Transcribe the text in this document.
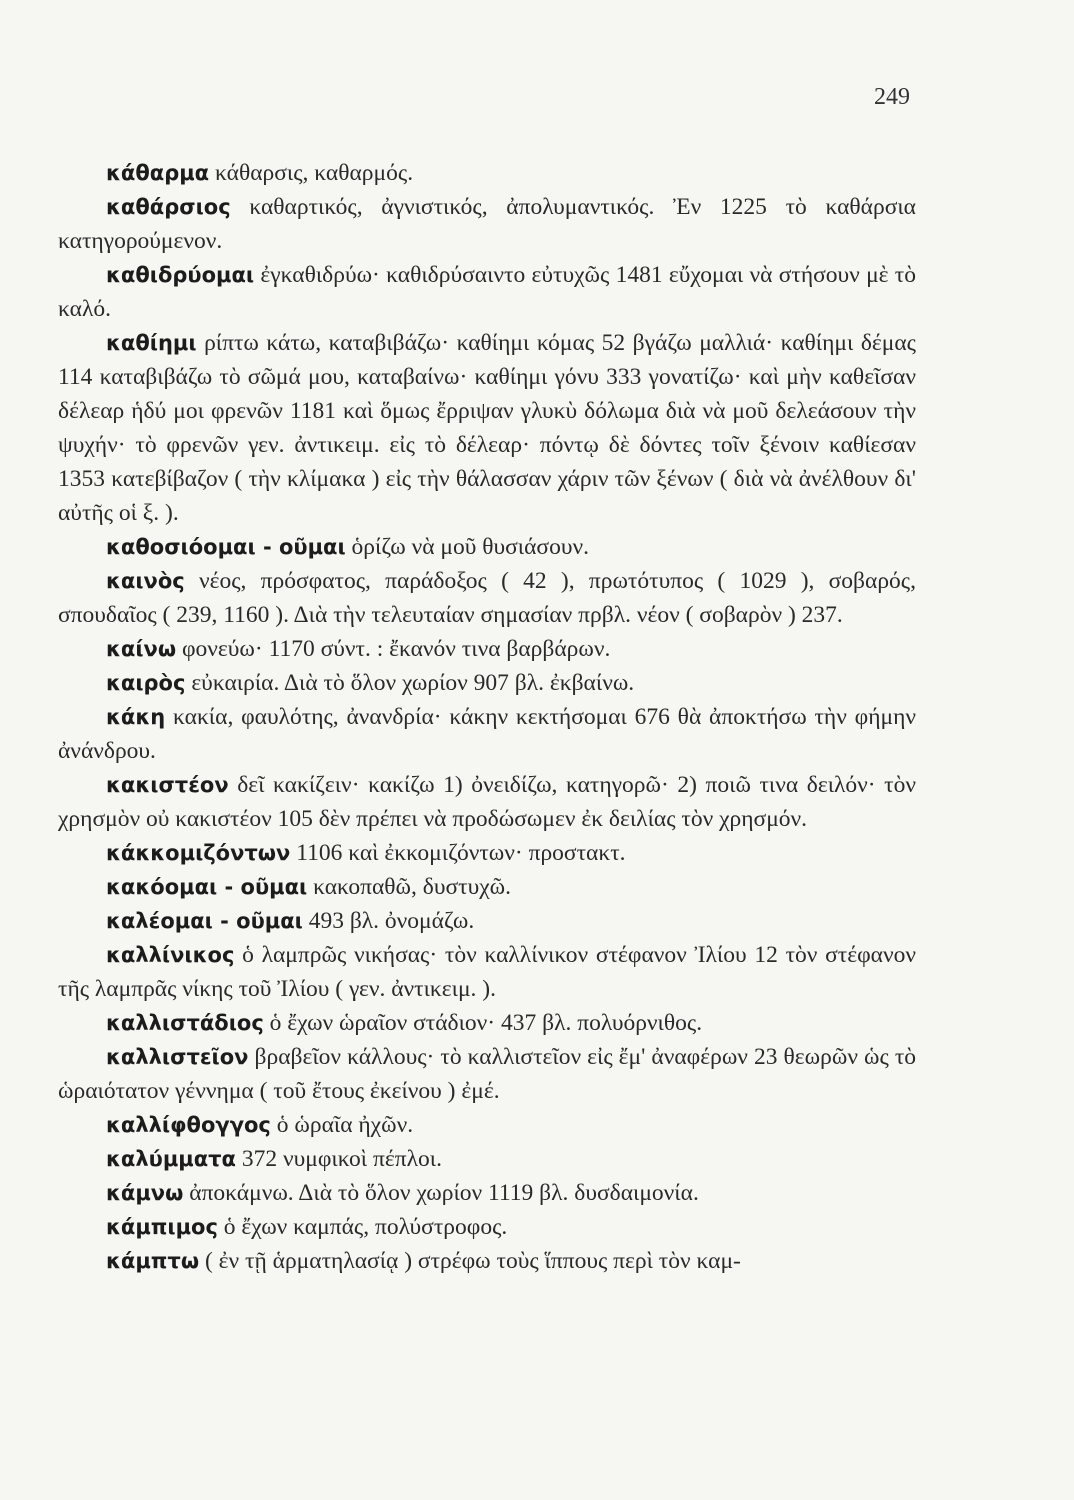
249

κάθαρμα κάθαρσις, καθαρμός.

καθάρσιος καθαρτικός, ἀγνιστικός, ἀπολυμαντικός. Ἐν 1225 τὸ καθάρσια κατηγορούμενον.

καθιδρύομαι ἐγκαθιδρύω· καθιδρύσαιντο εὐτυχῶς 1481 εὔχομαι νὰ στήσουν μὲ τὸ καλό.

καθίημι ρίπτω κάτω, καταβιβάζω· καθίημι κόμας 52 βγάζω μαλλιά· καθίημι δέμας 114 καταβιβάζω τὸ σῶμά μου, καταβαίνω· καθίημι γόνυ 333 γονατίζω· καὶ μὴν καθεῖσαν δέλεαρ ἡδύ μοι φρενῶν 1181 καὶ ὅμως ἔρριψαν γλυκὺ δόλωμα διὰ νὰ μοῦ δελεάσουν τὴν ψυχήν· τὸ φρενῶν γεν. ἀντικειμ. εἰς τὸ δέλεαρ· πόντῳ δὲ δόντες τοῖν ξένοιν καθίεσαν 1353 κατεβίβαζον ( τὴν κλίμακα ) εἰς τὴν θάλασσαν χάριν τῶν ξένων ( διὰ νὰ ἀνέλθουν δι' αὐτῆς οἱ ξ. ).

καθοσιόομαι - οῦμαι ὁρίζω νὰ μοῦ θυσιάσουν.

καινὸς νέος, πρόσφατος, παράδοξος ( 42 ), πρωτότυπος ( 1029 ), σοβαρός, σπουδαῖος ( 239, 1160 ). Διὰ τὴν τελευταίαν σημασίαν πρβλ. νέον ( σοβαρὸν ) 237.

καίνω φονεύω· 1170 σύντ. : ἔκανόν τινα βαρβάρων.

καιρὸς εὐκαιρία. Διὰ τὸ ὅλον χωρίον 907 βλ. ἐκβαίνω.

κάκη κακία, φαυλότης, ἀνανδρία· κάκην κεκτήσομαι 676 θὰ ἀποκτήσω τὴν φήμην ἀνάνδρου.

κακιστέον δεῖ κακίζειν· κακίζω 1) ὀνειδίζω, κατηγορῶ· 2) ποιῶ τινα δειλόν· τὸν χρησμὸν οὐ κακιστέον 105 δὲν πρέπει νὰ προδώσωμεν ἐκ δειλίας τὸν χρησμόν.

κάκκομιζόντων 1106 καὶ ἐκκομιζόντων· προστακτ.

κακόομαι - οῦμαι κακοπαθῶ, δυστυχῶ.

καλέομαι - οῦμαι 493 βλ. ὀνομάζω.

καλλίνικος ὁ λαμπρῶς νικήσας· τὸν καλλίνικον στέφανον Ἰλίου 12 τὸν στέφανον τῆς λαμπρᾶς νίκης τοῦ Ἰλίου ( γεν. ἀντικειμ. ).

καλλιστάδιος ὁ ἔχων ὡραῖον στάδιον· 437 βλ. πολυόρνιθος.

καλλιστεῖον βραβεῖον κάλλους· τὸ καλλιστεῖον εἰς ἔμ' ἀναφέρων 23 θεωρῶν ὡς τὸ ὡραιότατον γέννημα ( τοῦ ἔτους ἐκείνου ) ἐμέ.

καλλίφθογγος ὁ ὡραῖα ἠχῶν.

καλύμματα 372 νυμφικοὶ πέπλοι.

κάμνω ἀποκάμνω. Διὰ τὸ ὅλον χωρίον 1119 βλ. δυσδαιμονία.

κάμπιμος ὁ ἔχων καμπάς, πολύστροφος.

κάμπτω ( ἐν τῇ ἁρματηλασίᾳ ) στρέφω τοὺς ἵππους περὶ τὸν καμ-
